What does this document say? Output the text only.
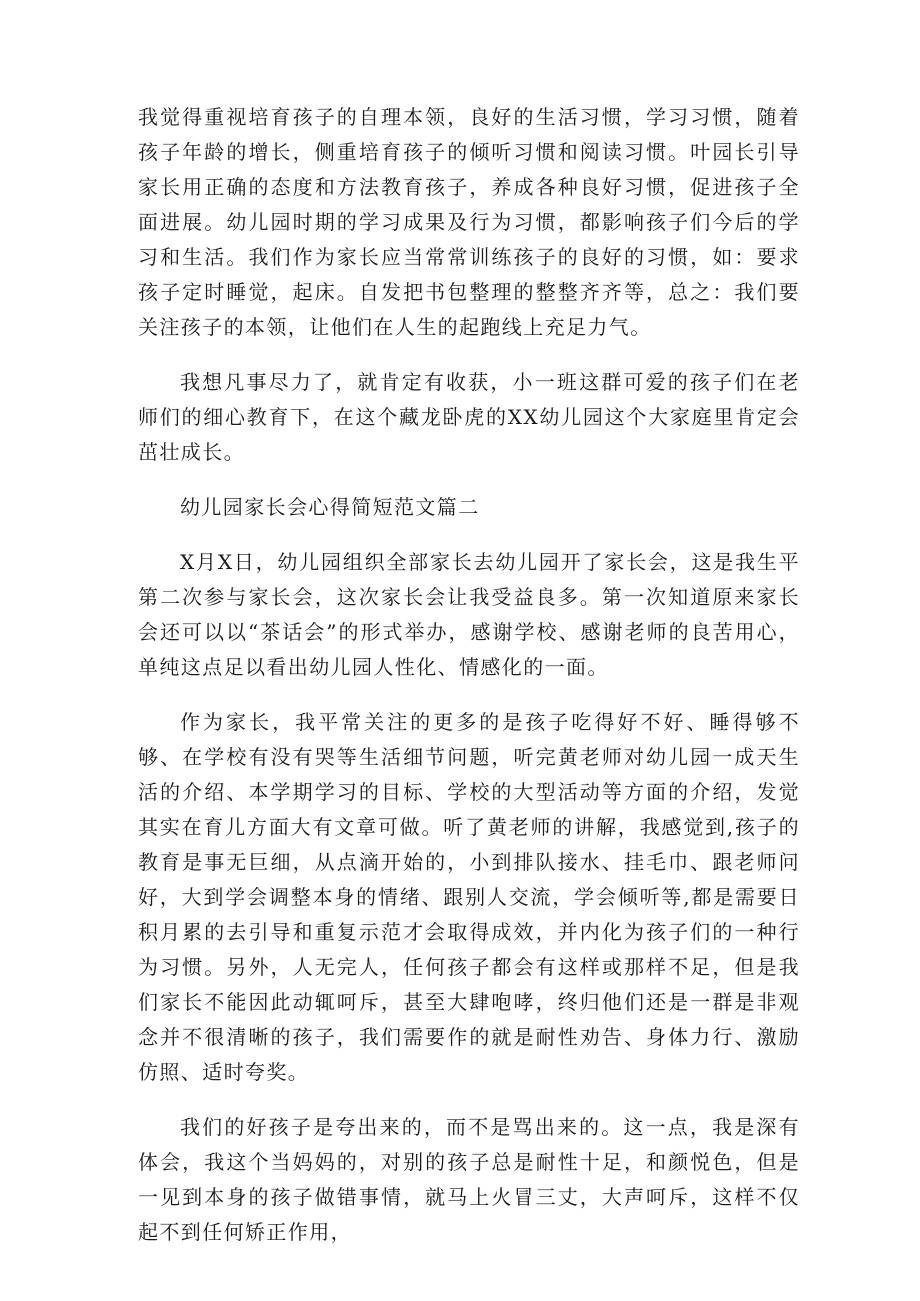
我觉得重视培育孩子的自理本领，良好的生活习惯，学习习惯，随着孩子年龄的增长，侧重培育孩子的倾听习惯和阅读习惯。叶园长引导家长用正确的态度和方法教育孩子，养成各种良好习惯，促进孩子全面进展。幼儿园时期的学习成果及行为习惯，都影响孩子们今后的学习和生活。我们作为家长应当常常训练孩子的良好的习惯，如：要求孩子定时睡觉，起床。自发把书包整理的整整齐齐等，总之：我们要关注孩子的本领，让他们在人生的起跑线上充足力气。

我想凡事尽力了，就肯定有收获，小一班这群可爱的孩子们在老师们的细心教育下，在这个藏龙卧虎的XX幼儿园这个大家庭里肯定会茁壮成长。

幼儿园家长会心得简短范文篇二

X月X日，幼儿园组织全部家长去幼儿园开了家长会，这是我生平第二次参与家长会，这次家长会让我受益良多。第一次知道原来家长会还可以以“茶话会”的形式举办，感谢学校、感谢老师的良苦用心，单纯这点足以看出幼儿园人性化、情感化的一面。

作为家长，我平常关注的更多的是孩子吃得好不好、睡得够不够、在学校有没有哭等生活细节问题，听完黄老师对幼儿园一成天生活的介绍、本学期学习的目标、学校的大型活动等方面的介绍，发觉其实在育儿方面大有文章可做。听了黄老师的讲解，我感觉到,孩子的教育是事无巨细，从点滴开始的，小到排队接水、挂毛巾、跟老师问好，大到学会调整本身的情绪、跟别人交流，学会倾听等,都是需要日积月累的去引导和重复示范才会取得成效，并内化为孩子们的一种行为习惯。另外，人无完人，任何孩子都会有这样或那样不足，但是我们家长不能因此动辄呵斥，甚至大肆咆哮，终归他们还是一群是非观念并不很清晰的孩子，我们需要作的就是耐性劝告、身体力行、激励仿照、适时夸奖。

我们的好孩子是夸出来的，而不是骂出来的。这一点，我是深有体会，我这个当妈妈的，对别的孩子总是耐性十足，和颜悦色，但是一见到本身的孩子做错事情，就马上火冒三丈，大声呵斥，这样不仅起不到任何矫正作用，
